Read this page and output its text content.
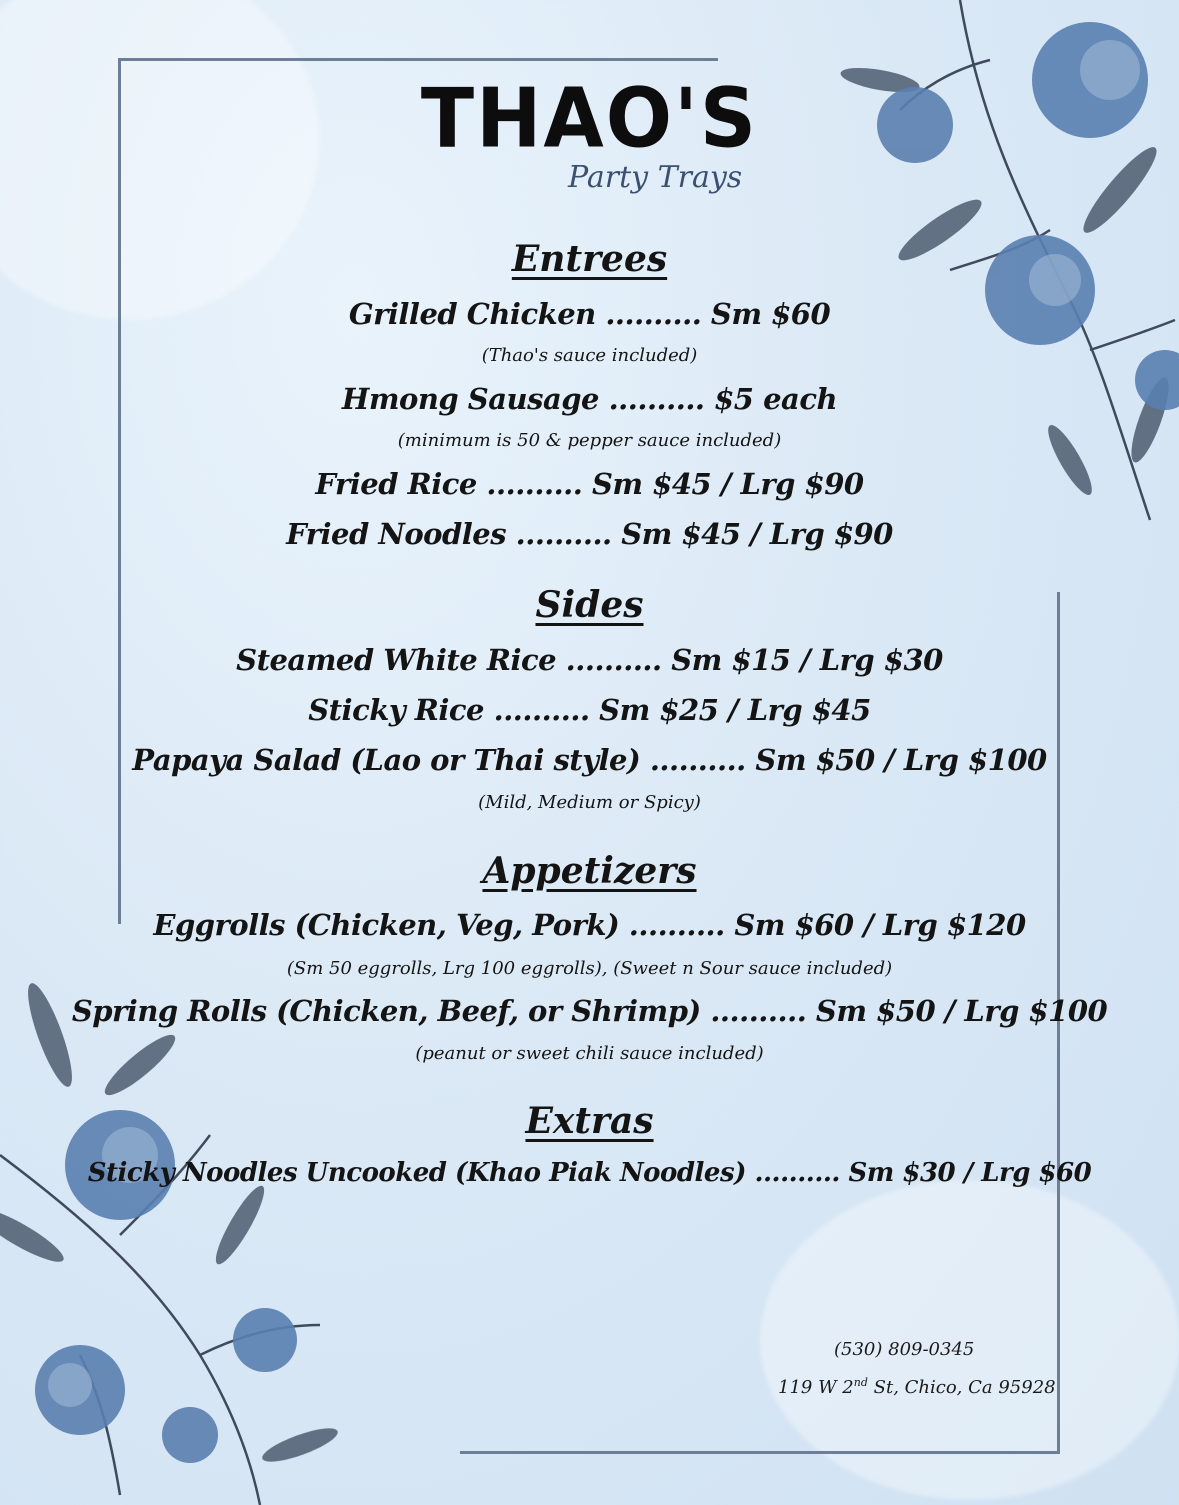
THAO'S
Party Trays
Entrees
Grilled Chicken .......... Sm $60
(Thao's sauce included)
Hmong Sausage .......... $5 each
(minimum is 50 & pepper sauce included)
Fried Rice .......... Sm $45 / Lrg $90
Fried Noodles .......... Sm $45 / Lrg $90
Sides
Steamed White Rice .......... Sm $15 / Lrg $30
Sticky Rice .......... Sm $25 / Lrg $45
Papaya Salad (Lao or Thai style) .......... Sm $50 / Lrg $100
(Mild, Medium or Spicy)
Appetizers
Eggrolls (Chicken, Veg, Pork) .......... Sm $60 / Lrg $120
(Sm 50 eggrolls, Lrg 100 eggrolls), (Sweet n Sour sauce included)
Spring Rolls (Chicken, Beef, or Shrimp) .......... Sm $50 / Lrg $100
(peanut or sweet chili sauce included)
Extras
Sticky Noodles Uncooked (Khao Piak Noodles) .......... Sm $30 / Lrg $60
(530) 809-0345
119 W 2nd St, Chico, Ca 95928
